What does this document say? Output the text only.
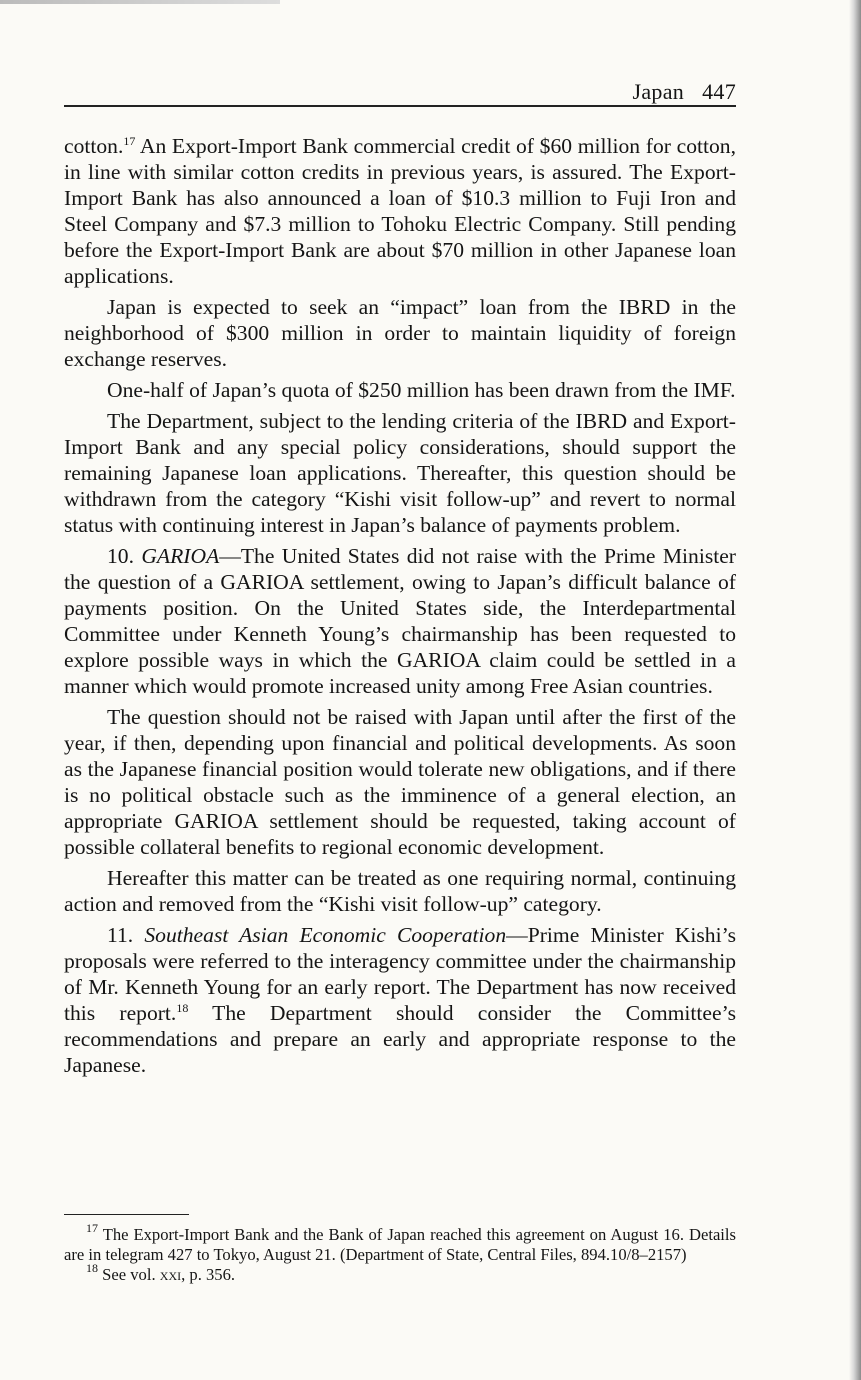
Japan 447

cotton.$^{17}$ An Export-Import Bank commercial credit of $60 million for cotton, in line with similar cotton credits in previous years, is assured. The Export-Import Bank has also announced a loan of $10.3 million to Fuji Iron and Steel Company and $7.3 million to Tohoku Electric Company. Still pending before the Export-Import Bank are about $70 million in other Japanese loan applications.

Japan is expected to seek an “impact” loan from the IBRD in the neighborhood of $300 million in order to maintain liquidity of foreign exchange reserves.

One-half of Japan’s quota of $250 million has been drawn from the IMF.

The Department, subject to the lending criteria of the IBRD and Export-Import Bank and any special policy considerations, should support the remaining Japanese loan applications. Thereafter, this question should be withdrawn from the category “Kishi visit follow-up” and revert to normal status with continuing interest in Japan’s balance of payments problem.

10. GARIOA—The United States did not raise with the Prime Minister the question of a GARIOA settlement, owing to Japan’s difficult balance of payments position. On the United States side, the Interdepartmental Committee under Kenneth Young’s chairmanship has been requested to explore possible ways in which the GARIOA claim could be settled in a manner which would promote increased unity among Free Asian countries.

The question should not be raised with Japan until after the first of the year, if then, depending upon financial and political developments. As soon as the Japanese financial position would tolerate new obligations, and if there is no political obstacle such as the imminence of a general election, an appropriate GARIOA settlement should be requested, taking account of possible collateral benefits to regional economic development.

Hereafter this matter can be treated as one requiring normal, continuing action and removed from the “Kishi visit follow-up” category.

11. Southeast Asian Economic Cooperation—Prime Minister Kishi’s proposals were referred to the interagency committee under the chairmanship of Mr. Kenneth Young for an early report. The Department has now received this report.$^{18}$ The Department should consider the Committee’s recommendations and prepare an early and appropriate response to the Japanese.

$^{17}$ The Export-Import Bank and the Bank of Japan reached this agreement on August 16. Details are in telegram 427 to Tokyo, August 21. (Department of State, Central Files, 894.10/8–2157)

$^{18}$ See vol. xxi, p. 356.
